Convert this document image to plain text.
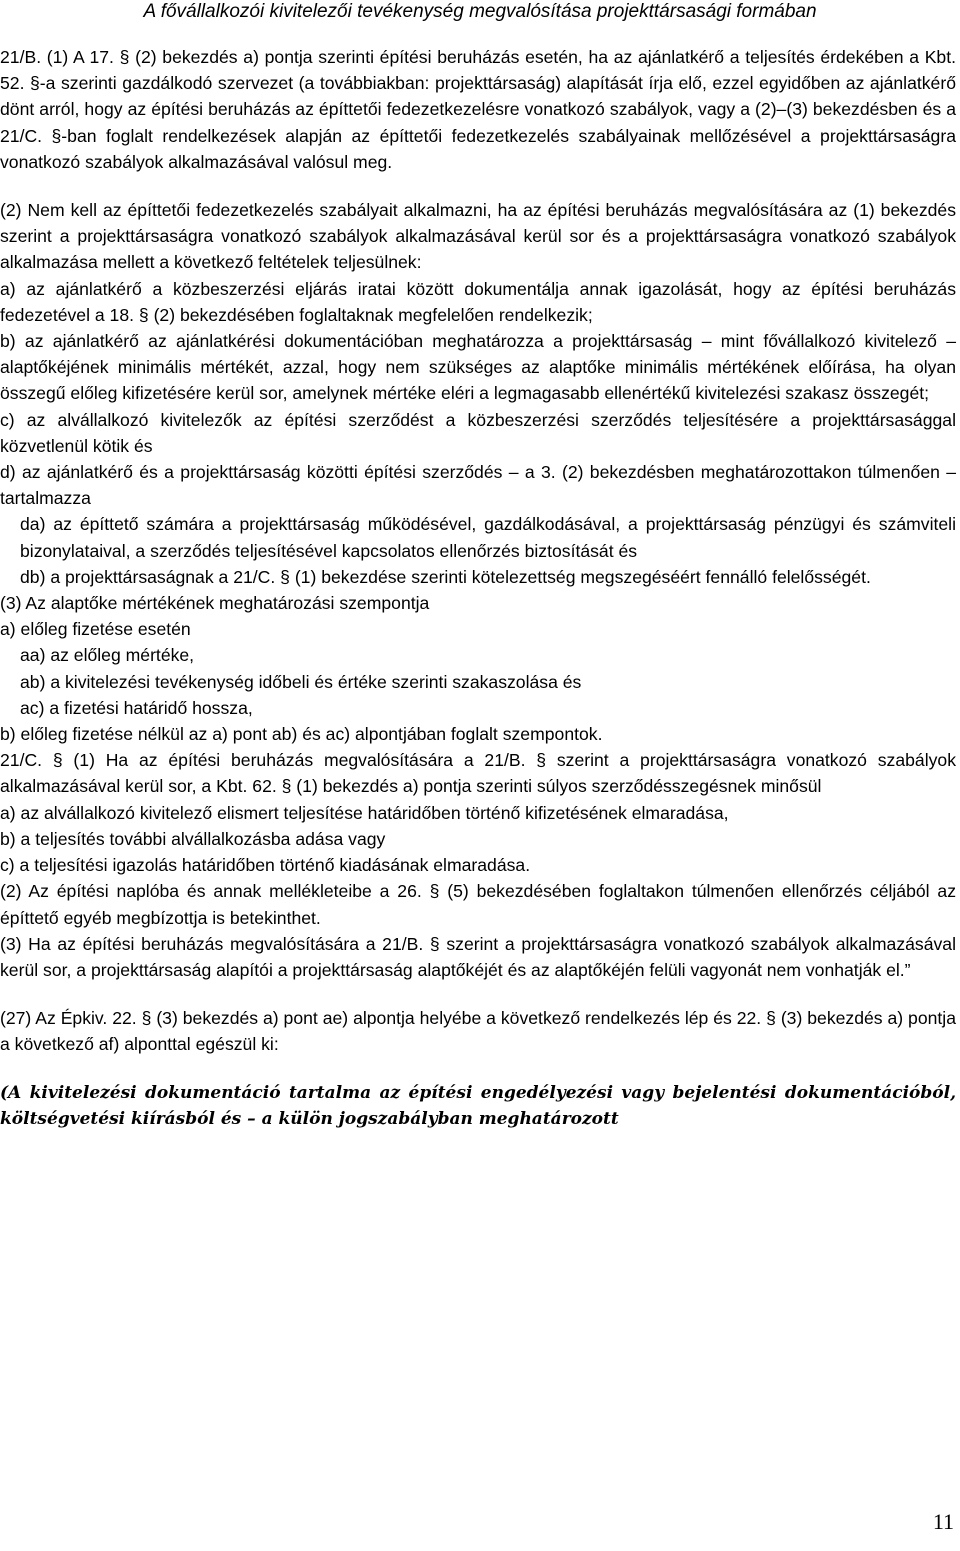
A fővállalkozói kivitelezői tevékenység megvalósítása projekttársasági formában

21/B. (1) A 17. § (2) bekezdés a) pontja szerinti építési beruházás esetén, ha az ajánlatkérő a teljesítés érdekében a Kbt. 52. §-a szerinti gazdálkodó szervezet (a továbbiakban: projekttársaság) alapítását írja elő, ezzel egyidőben az ajánlatkérő dönt arról, hogy az építési beruházás az építtetői fedezetkezelésre vonatkozó szabályok, vagy a (2)–(3) bekezdésben és a 21/C. §-ban foglalt rendelkezések alapján az építtetői fedezetkezelés szabályainak mellőzésével a projekttársaságra vonatkozó szabályok alkalmazásával valósul meg.

(2) Nem kell az építtetői fedezetkezelés szabályait alkalmazni, ha az építési beruházás megvalósítására az (1) bekezdés szerint a projekttársaságra vonatkozó szabályok alkalmazásával kerül sor és a projekttársaságra vonatkozó szabályok alkalmazása mellett a következő feltételek teljesülnek:

a) az ajánlatkérő a közbeszerzési eljárás iratai között dokumentálja annak igazolását, hogy az építési beruházás fedezetével a 18. § (2) bekezdésében foglaltaknak megfelelően rendelkezik;

b) az ajánlatkérő az ajánlatkérési dokumentációban meghatározza a projekttársaság – mint fővállalkozó kivitelező – alaptőkéjének minimális mértékét, azzal, hogy nem szükséges az alaptőke minimális mértékének előírása, ha olyan összegű előleg kifizetésére kerül sor, amelynek mértéke eléri a legmagasabb ellenértékű kivitelezési szakasz összegét;

c) az alvállalkozó kivitelezők az építési szerződést a közbeszerzési szerződés teljesítésére a projekttársasággal közvetlenül kötik és

d) az ajánlatkérő és a projekttársaság közötti építési szerződés – a 3. (2) bekezdésben meghatározottakon túlmenően – tartalmazza

da) az építtető számára a projekttársaság működésével, gazdálkodásával, a projekttársaság pénzügyi és számviteli bizonylataival, a szerződés teljesítésével kapcsolatos ellenőrzés biztosítását és

db) a projekttársaságnak a 21/C. § (1) bekezdése szerinti kötelezettség megszegéséért fennálló felelősségét.

(3) Az alaptőke mértékének meghatározási szempontja

a) előleg fizetése esetén

aa) az előleg mértéke,

ab) a kivitelezési tevékenység időbeli és értéke szerinti szakaszolása és

ac) a fizetési határidő hossza,

b) előleg fizetése nélkül az a) pont ab) és ac) alpontjában foglalt szempontok.

21/C. § (1) Ha az építési beruházás megvalósítására a 21/B. § szerint a projekttársaságra vonatkozó szabályok alkalmazásával kerül sor, a Kbt. 62. § (1) bekezdés a) pontja szerinti súlyos szerződésszegésnek minősül

a) az alvállalkozó kivitelező elismert teljesítése határidőben történő kifizetésének elmaradása,

b) a teljesítés további alvállalkozásba adása vagy

c) a teljesítési igazolás határidőben történő kiadásának elmaradása.

(2) Az építési naplóba és annak mellékleteibe a 26. § (5) bekezdésében foglaltakon túlmenően ellenőrzés céljából az építtető egyéb megbízottja is betekinthet.

(3) Ha az építési beruházás megvalósítására a 21/B. § szerint a projekttársaságra vonatkozó szabályok alkalmazásával kerül sor, a projekttársaság alapítói a projekttársaság alaptőkéjét és az alaptőkéjén felüli vagyonát nem vonhatják el.”

(27) Az Épkiv. 22. § (3) bekezdés a) pont ae) alpontja helyébe a következő rendelkezés lép és 22. § (3) bekezdés a) pontja a következő af) alponttal egészül ki:

(A kivitelezési dokumentáció tartalma az építési engedélyezési vagy bejelentési dokumentációból, költségvetési kiírásból és – a külön jogszabályban meghatározott

11
